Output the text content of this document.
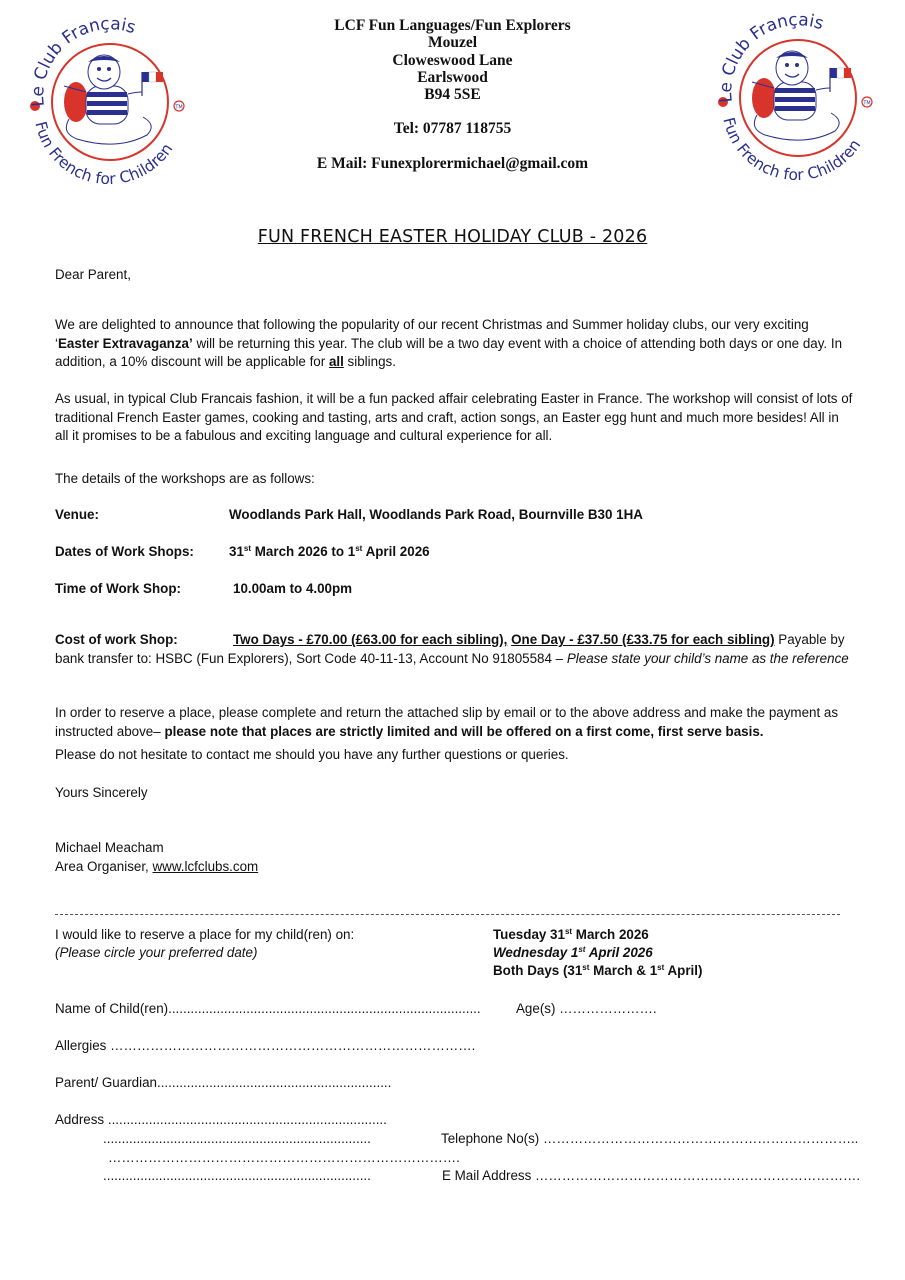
TM
Le Club Français
Fun French for Children
LCF Fun Languages/Fun Explorers
Mouzel
Cloweswood Lane
Earlswood
B94 5SE
Tel: 07787 118755
E Mail: Funexplorermichael@gmail.com
TM
Le Club Français
Fun French for Children
FUN FRENCH EASTER HOLIDAY CLUB - 2026
Dear Parent,

We are delighted to announce that following the popularity of our recent Christmas and Summer holiday clubs, our very exciting ‘Easter Extravaganza’ will be returning this year. The club will be a two day event with a choice of attending both days or one day. In addition, a 10% discount will be applicable for all siblings.

As usual, in typical Club Francais fashion, it will be a fun packed affair celebrating Easter in France. The workshop will consist of lots of traditional French Easter games, cooking and tasting, arts and craft, action songs, an Easter egg hunt and much more besides! All in all it promises to be a fabulous and exciting language and cultural experience for all.

The details of the workshops are as follows:
Venue:	Woodlands Park Hall, Woodlands Park Road, Bournville B30 1HA
Dates of Work Shops:	31st March 2026 to 1st April 2026
Time of Work Shop:	10.00am to 4.00pm

Cost of work Shop:	Two Days - £70.00 (£63.00 for each sibling), One Day - £37.50 (£33.75 for each sibling) Payable by bank transfer to: HSBC (Fun Explorers), Sort Code 40-11-13, Account No 91805584 – Please state your child’s name as the reference

In order to reserve a place, please complete and return the attached slip by email or to the above address and make the payment as instructed above– please note that places are strictly limited and will be offered on a first come, first serve basis.

Please do not hesitate to contact me should you have any further questions or queries.
Yours Sincerely
Michael Meacham
Area Organiser, www.lcfclubs.com
I would like to reserve a place for my child(ren) on:
(Please circle your preferred date)
Tuesday 31st March 2026
Wednesday 1st April 2026
Both Days (31st March & 1st April)
Name of Child(ren)....................................................................................	Age(s) ………………….
Allergies ……………………………………………………………………….
Parent/ Guardian...............................................................
Address ...........................................................................
........................................................................
…………………………………………………………………….
........................................................................
Telephone No(s) ……………………………………………………………..
E Mail Address ……………………………………………………………….
